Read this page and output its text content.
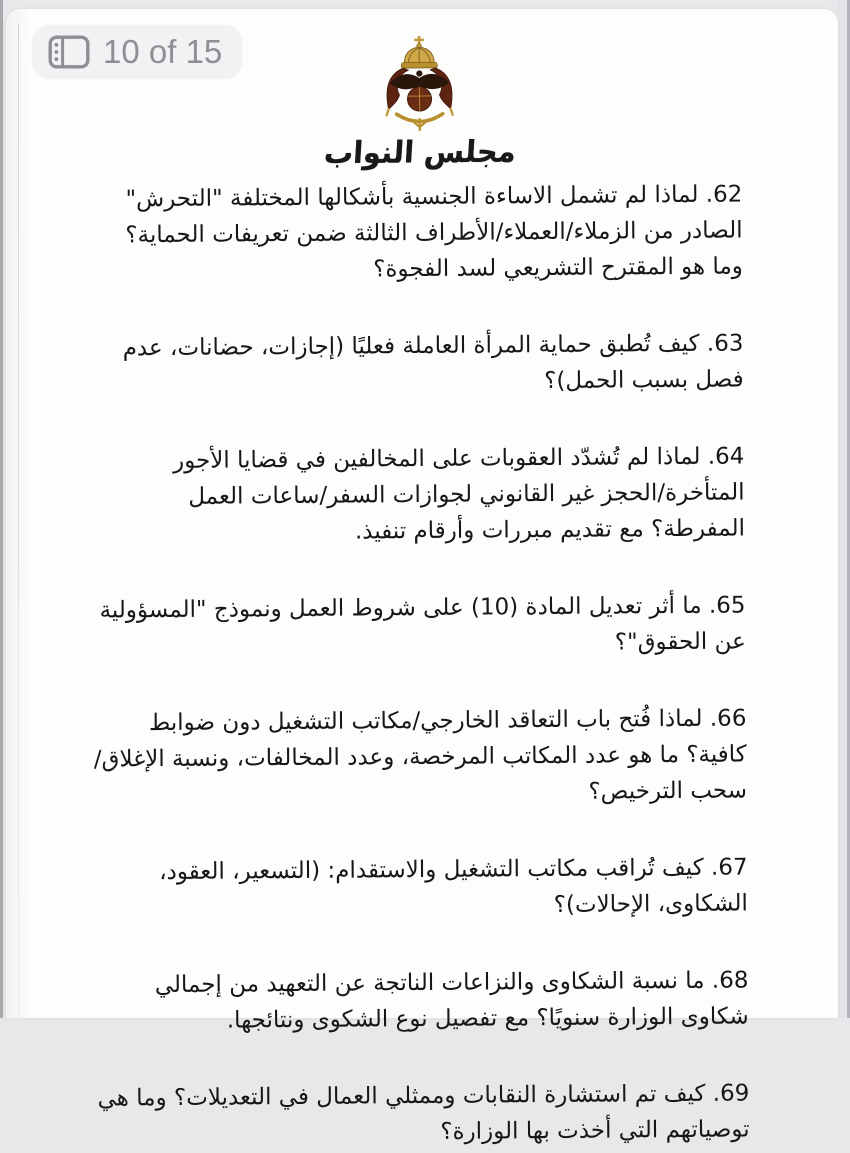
مجلس النواب

62. لماذا لم تشمل الاساءة الجنسية بأشكالها المختلفة "التحرش" الصادر من الزملاء/العملاء/الأطراف الثالثة ضمن تعريفات الحماية؟ وما هو المقترح التشريعي لسد الفجوة؟

63. كيف تُطبق حماية المرأة العاملة فعليًا (إجازات، حضانات، عدم فصل بسبب الحمل)؟

64. لماذا لم تُشدّد العقوبات على المخالفين في قضايا الأجور المتأخرة/الحجز غير القانوني لجوازات السفر/ساعات العمل المفرطة؟ مع تقديم مبررات وأرقام تنفيذ.

65. ما أثر تعديل المادة (10) على شروط العمل ونموذج "المسؤولية عن الحقوق"؟

66. لماذا فُتح باب التعاقد الخارجي/مكاتب التشغيل دون ضوابط كافية؟ ما هو عدد المكاتب المرخصة، وعدد المخالفات، ونسبة الإغلاق/سحب الترخيص؟

67. كيف تُراقب مكاتب التشغيل والاستقدام: (التسعير، العقود، الشكاوى، الإحالات)؟

68. ما نسبة الشكاوى والنزاعات الناتجة عن التعهيد من إجمالي شكاوى الوزارة سنويًا؟ مع تفصيل نوع الشكوى ونتائجها.

69. كيف تم استشارة النقابات وممثلي العمال في التعديلات؟ وما هي توصياتهم التي أخذت بها الوزارة؟

10 of 15
